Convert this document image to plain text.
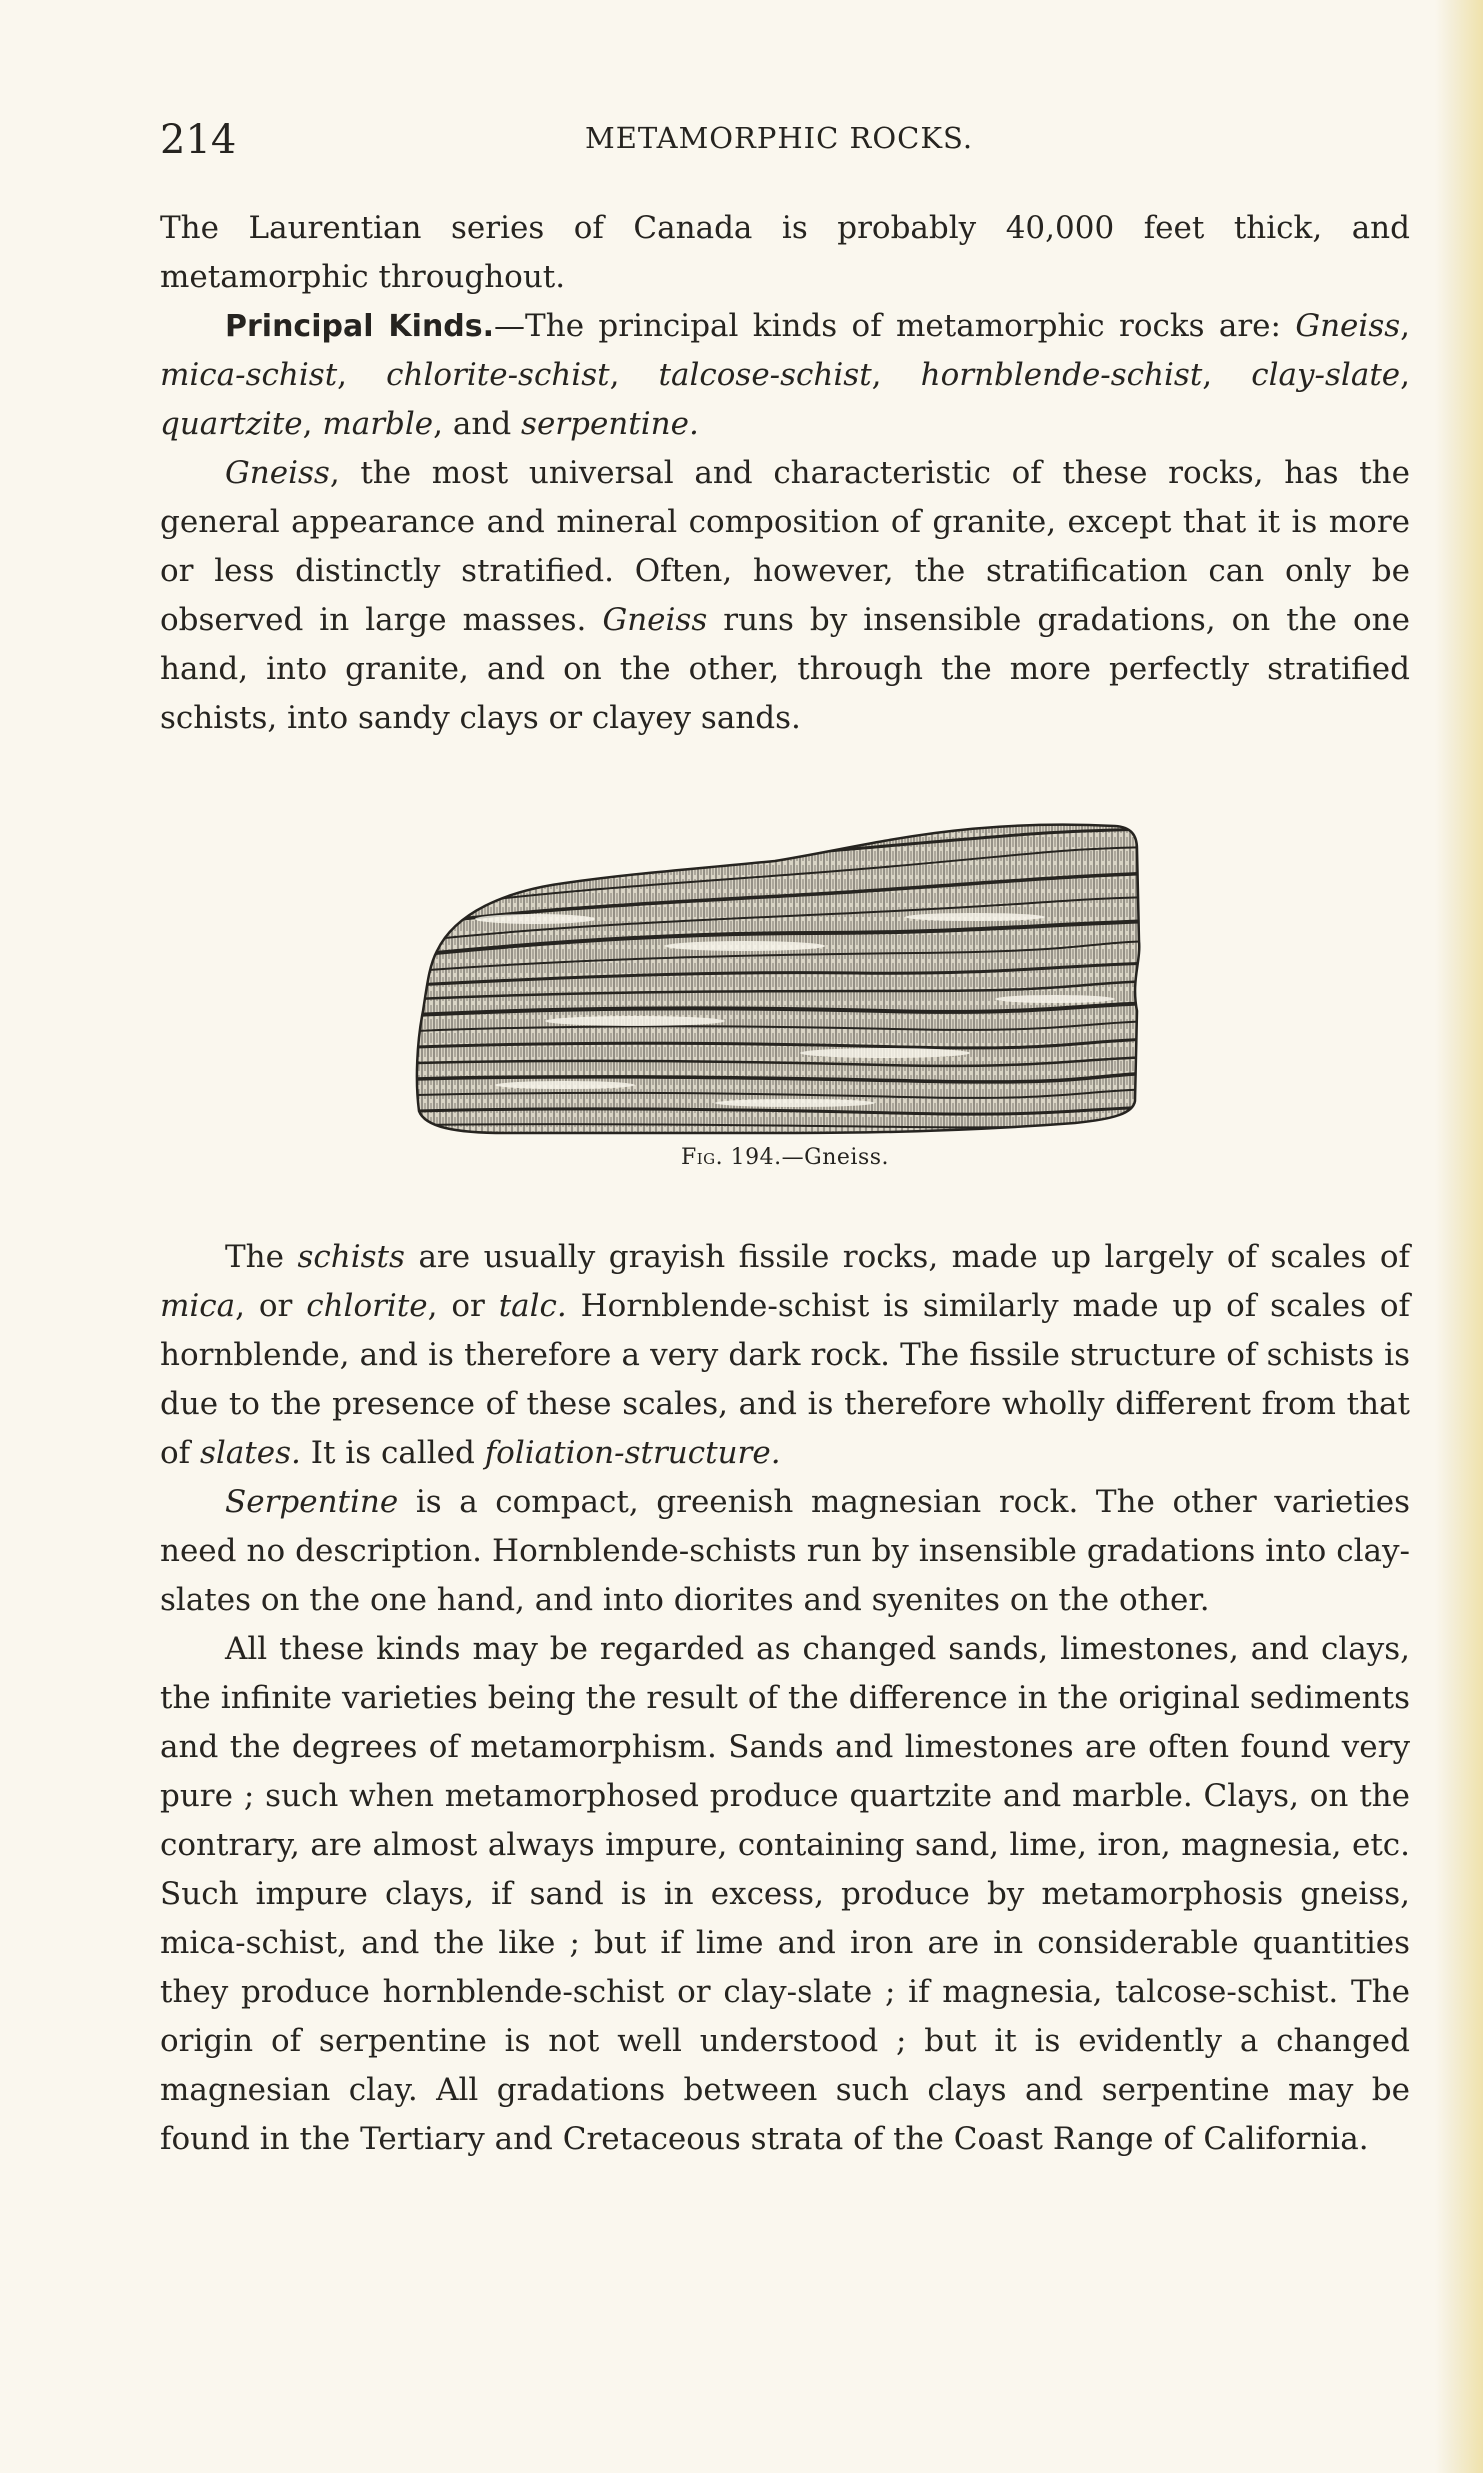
214	METAMORPHIC ROCKS.

The Laurentian series of Canada is probably 40,000 feet thick, and metamorphic throughout.

Principal Kinds.—The principal kinds of metamorphic rocks are: Gneiss, mica-schist, chlorite-schist, talcose-schist, hornblende-schist, clay-slate, quartzite, marble, and serpentine.

Gneiss, the most universal and characteristic of these rocks, has the general appearance and mineral composition of granite, except that it is more or less distinctly stratified. Often, however, the stratification can only be observed in large masses. Gneiss runs by insensible gradations, on the one hand, into granite, and on the other, through the more perfectly stratified schists, into sandy clays or clayey sands.

Fig. 194.—Gneiss.

The schists are usually grayish fissile rocks, made up largely of scales of mica, or chlorite, or talc. Hornblende-schist is similarly made up of scales of hornblende, and is therefore a very dark rock. The fissile structure of schists is due to the presence of these scales, and is therefore wholly different from that of slates. It is called foliation-structure.

Serpentine is a compact, greenish magnesian rock. The other varieties need no description. Hornblende-schists run by insensible gradations into clay-slates on the one hand, and into diorites and syenites on the other.

All these kinds may be regarded as changed sands, limestones, and clays, the infinite varieties being the result of the difference in the original sediments and the degrees of metamorphism. Sands and limestones are often found very pure ; such when metamorphosed produce quartzite and marble. Clays, on the contrary, are almost always impure, containing sand, lime, iron, magnesia, etc. Such impure clays, if sand is in excess, produce by metamorphosis gneiss, mica-schist, and the like ; but if lime and iron are in considerable quantities they produce hornblende-schist or clay-slate ; if magnesia, talcose-schist. The origin of serpentine is not well understood ; but it is evidently a changed magnesian clay. All gradations between such clays and serpentine may be found in the Tertiary and Cretaceous strata of the Coast Range of California.
